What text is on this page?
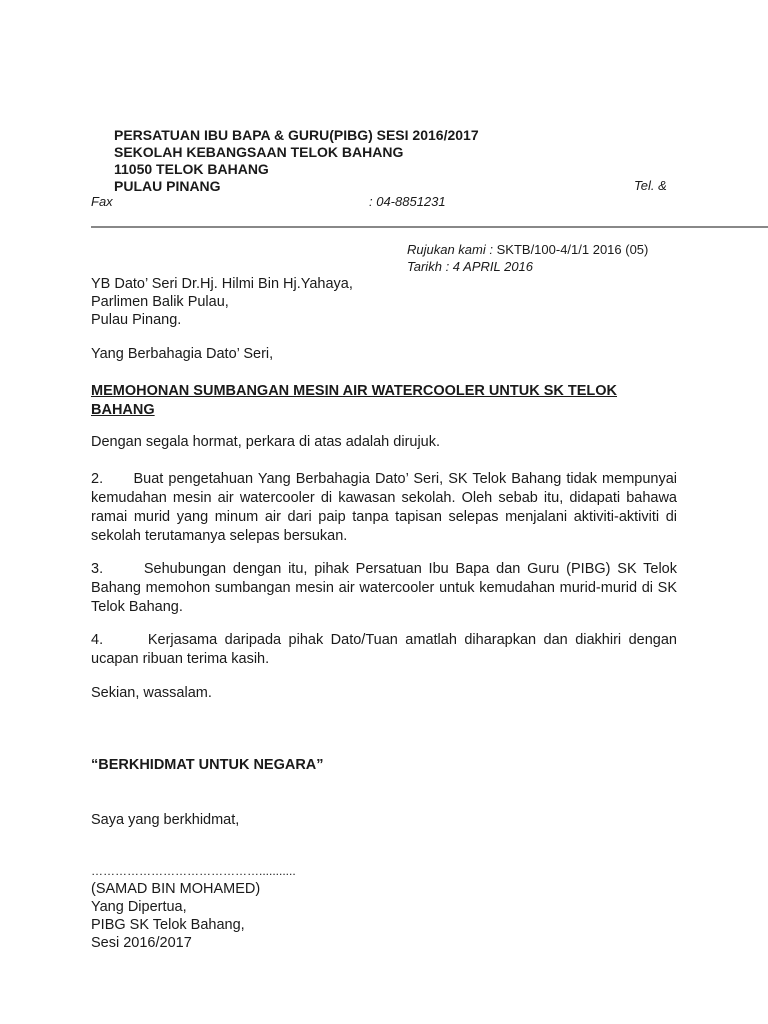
PERSATUAN IBU BAPA & GURU(PIBG) SESI 2016/2017
SEKOLAH KEBANGSAAN TELOK BAHANG
11050 TELOK BAHANG
PULAU PINANG	Tel. &
Fax	: 04-8851231
Rujukan kami : SKTB/100-4/1/1 2016 (05)
Tarikh : 4 APRIL 2016
YB Dato’ Seri Dr.Hj. Hilmi Bin Hj.Yahaya,
Parlimen Balik Pulau,
Pulau Pinang.
Yang Berbahagia Dato’ Seri,
MEMOHONAN SUMBANGAN MESIN AIR WATERCOOLER UNTUK SK TELOK BAHANG
Dengan segala hormat, perkara di atas adalah dirujuk.
2.      Buat pengetahuan Yang Berbahagia Dato’ Seri, SK Telok Bahang tidak mempunyai kemudahan mesin air watercooler di kawasan sekolah. Oleh sebab itu, didapati bahawa ramai murid yang minum air dari paip tanpa tapisan selepas menjalani aktiviti-aktiviti di sekolah terutamanya selepas bersukan.
3.      Sehubungan dengan itu, pihak Persatuan Ibu Bapa dan Guru (PIBG) SK Telok Bahang memohon sumbangan mesin air watercooler untuk kemudahan murid-murid di SK Telok Bahang.
4.      Kerjasama daripada pihak Dato/Tuan amatlah diharapkan dan diakhiri dengan ucapan ribuan terima kasih.
Sekian, wassalam.
“BERKHIDMAT UNTUK NEGARA”
Saya yang berkhidmat,
……………………………………...........
(SAMAD BIN MOHAMED)
Yang Dipertua,
PIBG SK Telok Bahang,
Sesi 2016/2017
